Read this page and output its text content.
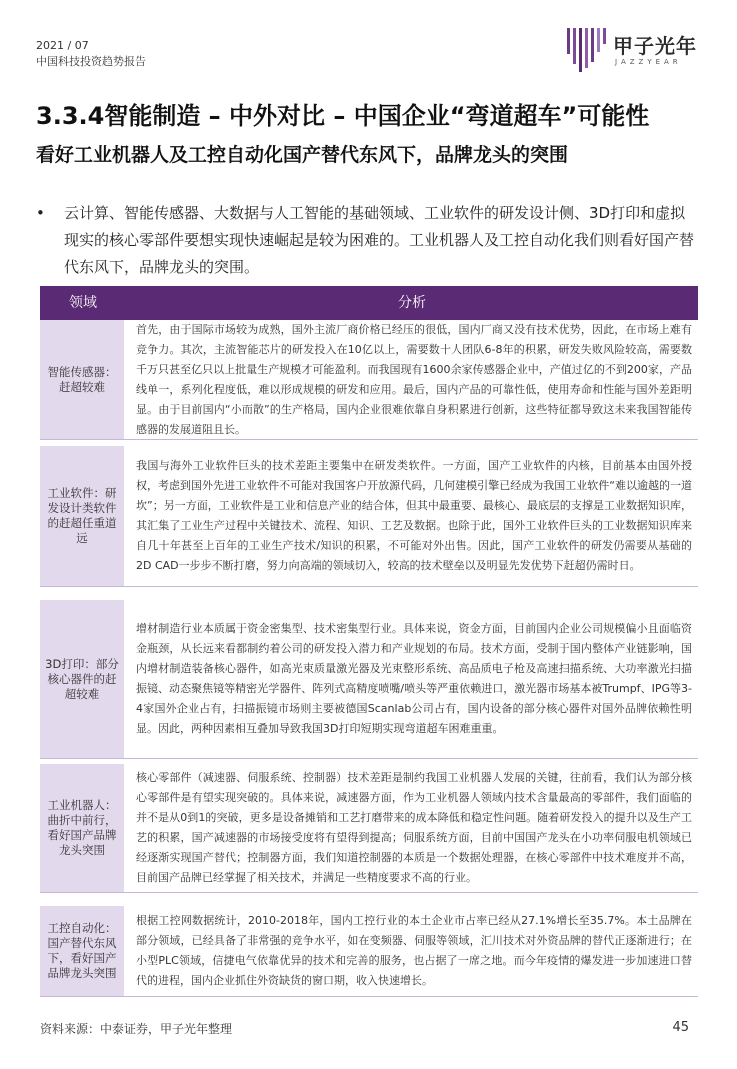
2021 / 07
中国科技投资趋势报告
甲子光年
JAZZYEAR
3.3.4智能制造 – 中外对比 – 中国企业“弯道超车”可能性
看好工业机器人及工控自动化国产替代东风下，品牌龙头的突围
• 云计算、智能传感器、大数据与人工智能的基础领域、工业软件的研发设计侧、3D打印和虚拟现实的核心零部件要想实现快速崛起是较为困难的。工业机器人及工控自动化我们则看好国产替代东风下，品牌龙头的突围。
领域	分析
智能传感器：赶超较难
首先，由于国际市场较为成熟，国外主流厂商价格已经压的很低，国内厂商又没有技术优势，因此，在市场上难有竞争力。其次，主流智能芯片的研发投入在10亿以上，需要数十人团队6-8年的积累，研发失败风险较高，需要数千万只甚至亿只以上批量生产规模才可能盈利。而我国现有1600余家传感器企业中，产值过亿的不到200家，产品线单一，系列化程度低，难以形成规模的研发和应用。最后，国内产品的可靠性低，使用寿命和性能与国外差距明显。由于目前国内“小而散”的生产格局，国内企业很难依靠自身积累进行创新，这些特征都导致这未来我国智能传感器的发展道阻且长。
工业软件：研发设计类软件的赶超任重道远
我国与海外工业软件巨头的技术差距主要集中在研发类软件。一方面，国产工业软件的内核，目前基本由国外授权，考虑到国外先进工业软件不可能对我国客户开放源代码，几何建模引擎已经成为我国工业软件“难以逾越的一道坎”；另一方面，工业软件是工业和信息产业的结合体，但其中最重要、最核心、最底层的支撑是工业数据知识库，其汇集了工业生产过程中关键技术、流程、知识、工艺及数据。也除于此，国外工业软件巨头的工业数据知识库来自几十年甚至上百年的工业生产技术/知识的积累，不可能对外出售。因此，国产工业软件的研发仍需要从基础的2D CAD一步步不断打磨，努力向高端的领域切入，较高的技术壁垒以及明显先发优势下赶超仍需时日。
3D打印：部分核心器件的赶超较难
增材制造行业本质属于资金密集型、技术密集型行业。具体来说，资金方面，目前国内企业公司规模偏小且面临资金瓶颈，从长远来看都制约着公司的研发投入潜力和产业规划的布局。技术方面，受制于国内整体产业链影响，国内增材制造装备核心器件，如高光束质量激光器及光束整形系统、高品质电子枪及高速扫描系统、大功率激光扫描振镜、动态聚焦镜等精密光学器件、阵列式高精度喷嘴/喷头等严重依赖进口，激光器市场基本被Trumpf、IPG等3-4家国外企业占有，扫描振镜市场则主要被德国Scanlab公司占有，国内设备的部分核心器件对国外品牌依赖性明显。因此，两种因素相互叠加导致我国3D打印短期实现弯道超车困难重重。
工业机器人：曲折中前行，看好国产品牌龙头突围
核心零部件（减速器、伺服系统、控制器）技术差距是制约我国工业机器人发展的关键，往前看，我们认为部分核心零部件是有望实现突破的。具体来说，减速器方面，作为工业机器人领域内技术含量最高的零部件，我们面临的并不是从0到1的突破，更多是设备摊销和工艺打磨带来的成本降低和稳定性问题。随着研发投入的提升以及生产工艺的积累，国产减速器的市场接受度将有望得到提高；伺服系统方面，目前中国国产龙头在小功率伺服电机领域已经逐渐实现国产替代；控制器方面，我们知道控制器的本质是一个数据处理器，在核心零部件中技术难度并不高，目前国产品牌已经掌握了相关技术，并满足一些精度要求不高的行业。
工控自动化：国产替代东风下，看好国产品牌龙头突围
根据工控网数据统计，2010-2018年，国内工控行业的本土企业市占率已经从27.1%增长至35.7%。本土品牌在部分领域，已经具备了非常强的竞争水平，如在变频器、伺服等领域，汇川技术对外资品牌的替代正逐渐进行；在小型PLC领域，信捷电气依靠优异的技术和完善的服务，也占据了一席之地。而今年疫情的爆发进一步加速进口替代的进程，国内企业抓住外资缺货的窗口期，收入快速增长。
资料来源：中泰证券，甲子光年整理	45
